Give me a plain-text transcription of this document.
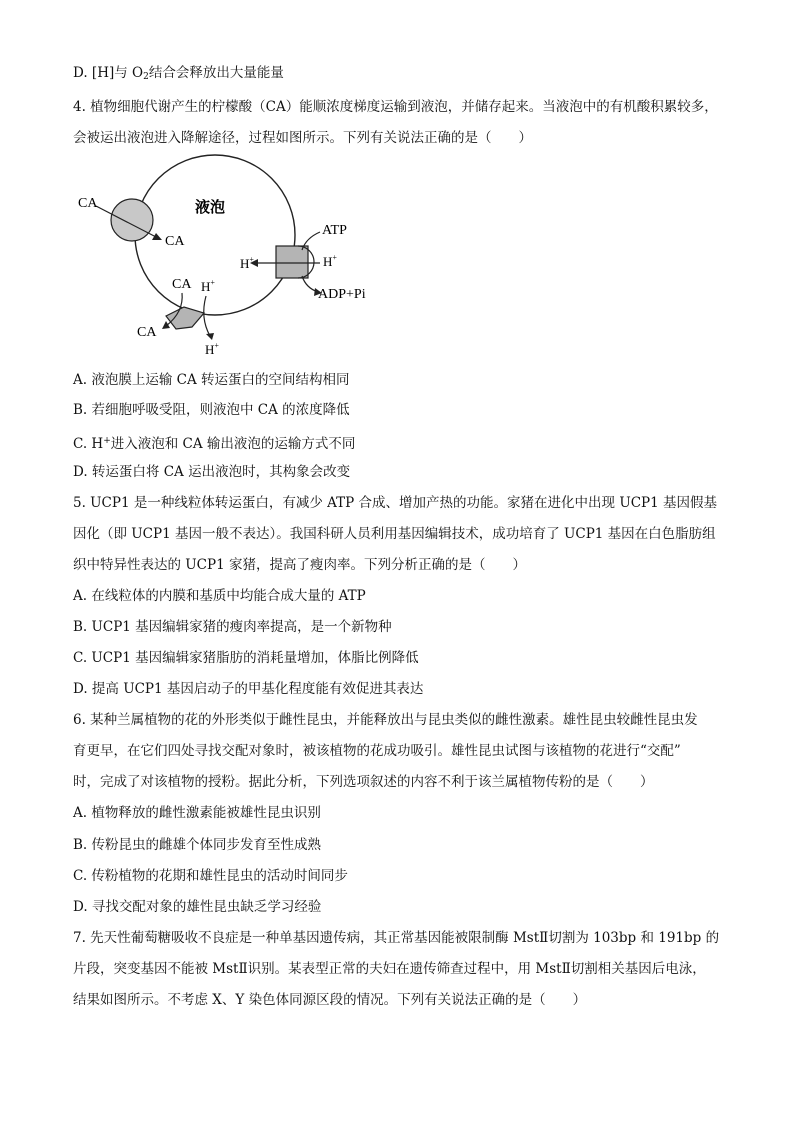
D. [H]与 $O_2$结合会释放出大量能量
4. 植物细胞代谢产生的柠檬酸（CA）能顺浓度梯度运输到液泡，并储存起来。当液泡中的有机酸积累较多，
会被运出液泡进入降解途径，过程如图所示。下列有关说法正确的是（　　）
液泡
CA
CA
H+	H+
ATP
ADP+Pi
CA H+
CA
H+
A. 液泡膜上运输 CA 转运蛋白的空间结构相同
B. 若细胞呼吸受阻，则液泡中 CA 的浓度降低
C. H+进入液泡和 CA 输出液泡的运输方式不同
D. 转运蛋白将 CA 运出液泡时，其构象会改变
5. UCP1 是一种线粒体转运蛋白，有减少 ATP 合成、增加产热的功能。家猪在进化中出现 UCP1 基因假基
因化（即 UCP1 基因一般不表达）。我国科研人员利用基因编辑技术，成功培育了 UCP1 基因在白色脂肪组
织中特异性表达的 UCP1 家猪，提高了瘦肉率。下列分析正确的是（　　）
A. 在线粒体的内膜和基质中均能合成大量的 ATP
B. UCP1 基因编辑家猪的瘦肉率提高，是一个新物种
C. UCP1 基因编辑家猪脂肪的消耗量增加，体脂比例降低
D. 提高 UCP1 基因启动子的甲基化程度能有效促进其表达
6. 某种兰属植物的花的外形类似于雌性昆虫，并能释放出与昆虫类似的雌性激素。雄性昆虫较雌性昆虫发
育更早，在它们四处寻找交配对象时，被该植物的花成功吸引。雄性昆虫试图与该植物的花进行“交配”
时，完成了对该植物的授粉。据此分析，下列选项叙述的内容不利于该兰属植物传粉的是（　　）
A. 植物释放的雌性激素能被雄性昆虫识别
B. 传粉昆虫的雌雄个体同步发育至性成熟
C. 传粉植物的花期和雄性昆虫的活动时间同步
D. 寻找交配对象的雄性昆虫缺乏学习经验
7. 先天性葡萄糖吸收不良症是一种单基因遗传病，其正常基因能被限制酶 MstⅡ切割为 103bp 和 191bp 的
片段，突变基因不能被 MstⅡ识别。某表型正常的夫妇在遗传筛查过程中，用 MstⅡ切割相关基因后电泳，
结果如图所示。不考虑 X、Y 染色体同源区段的情况。下列有关说法正确的是（　　）
